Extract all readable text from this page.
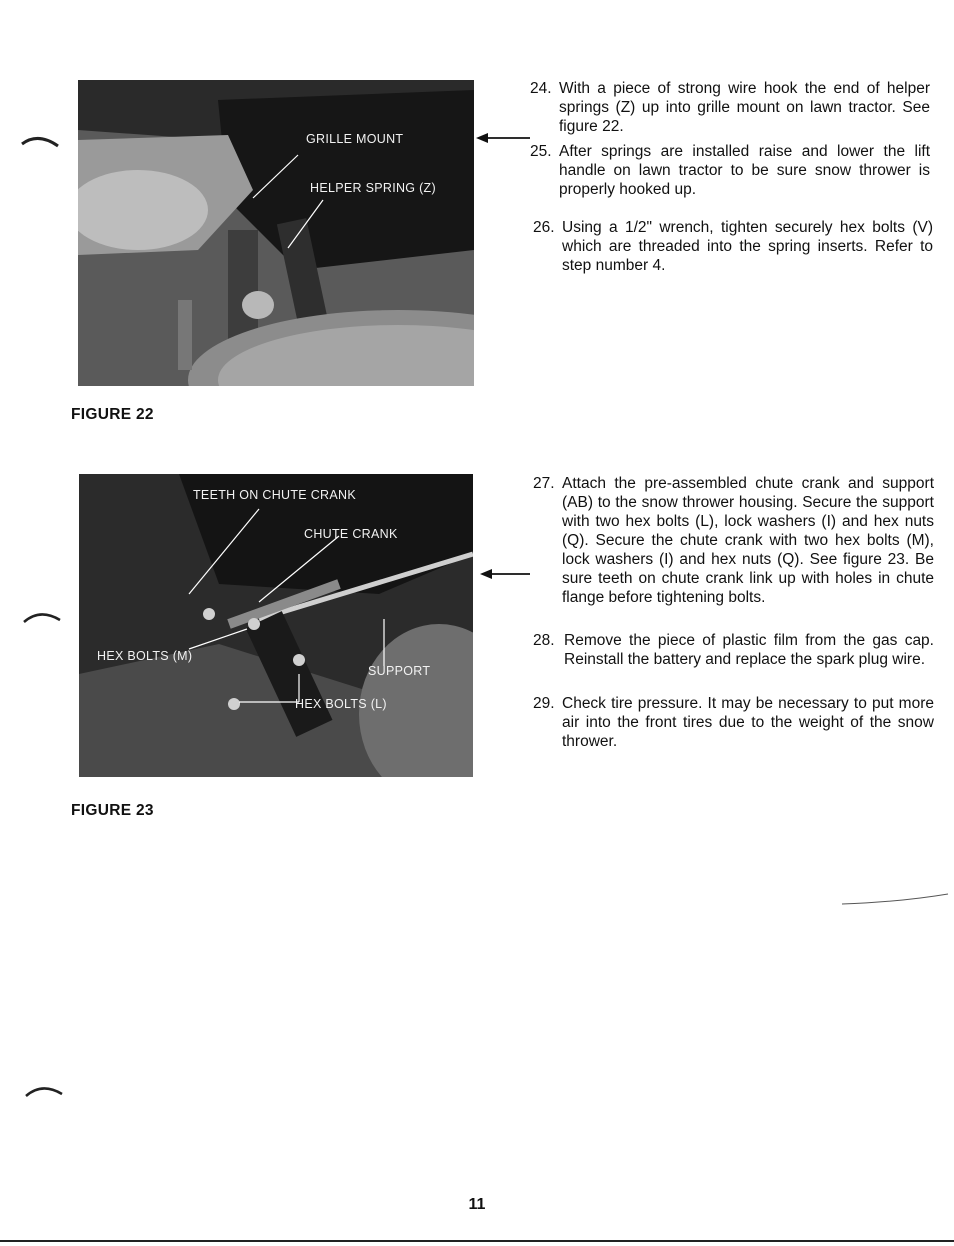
GRILLE MOUNT
HELPER SPRING (Z)
FIGURE 22
TEETH ON CHUTE CRANK
CHUTE CRANK
HEX BOLTS (M)
SUPPORT
HEX BOLTS (L)
FIGURE 23
24. With a piece of strong wire hook the end of helper springs (Z) up into grille mount on lawn tractor. See figure 22.
25. After springs are installed raise and lower the lift handle on lawn tractor to be sure snow thrower is properly hooked up.
26. Using a 1/2" wrench, tighten securely hex bolts (V) which are threaded into the spring inserts. Refer to step number 4.
27. Attach the pre-assembled chute crank and support (AB) to the snow thrower housing. Secure the support with two hex bolts (L), lock washers (I) and hex nuts (Q). Secure the chute crank with two hex bolts (M), lock washers (I) and hex nuts (Q). See figure 23. Be sure teeth on chute crank link up with holes in chute flange before tightening bolts.
28. Remove the piece of plastic film from the gas cap. Reinstall the battery and replace the spark plug wire.
29. Check tire pressure. It may be necessary to put more air into the front tires due to the weight of the snow thrower.
11
